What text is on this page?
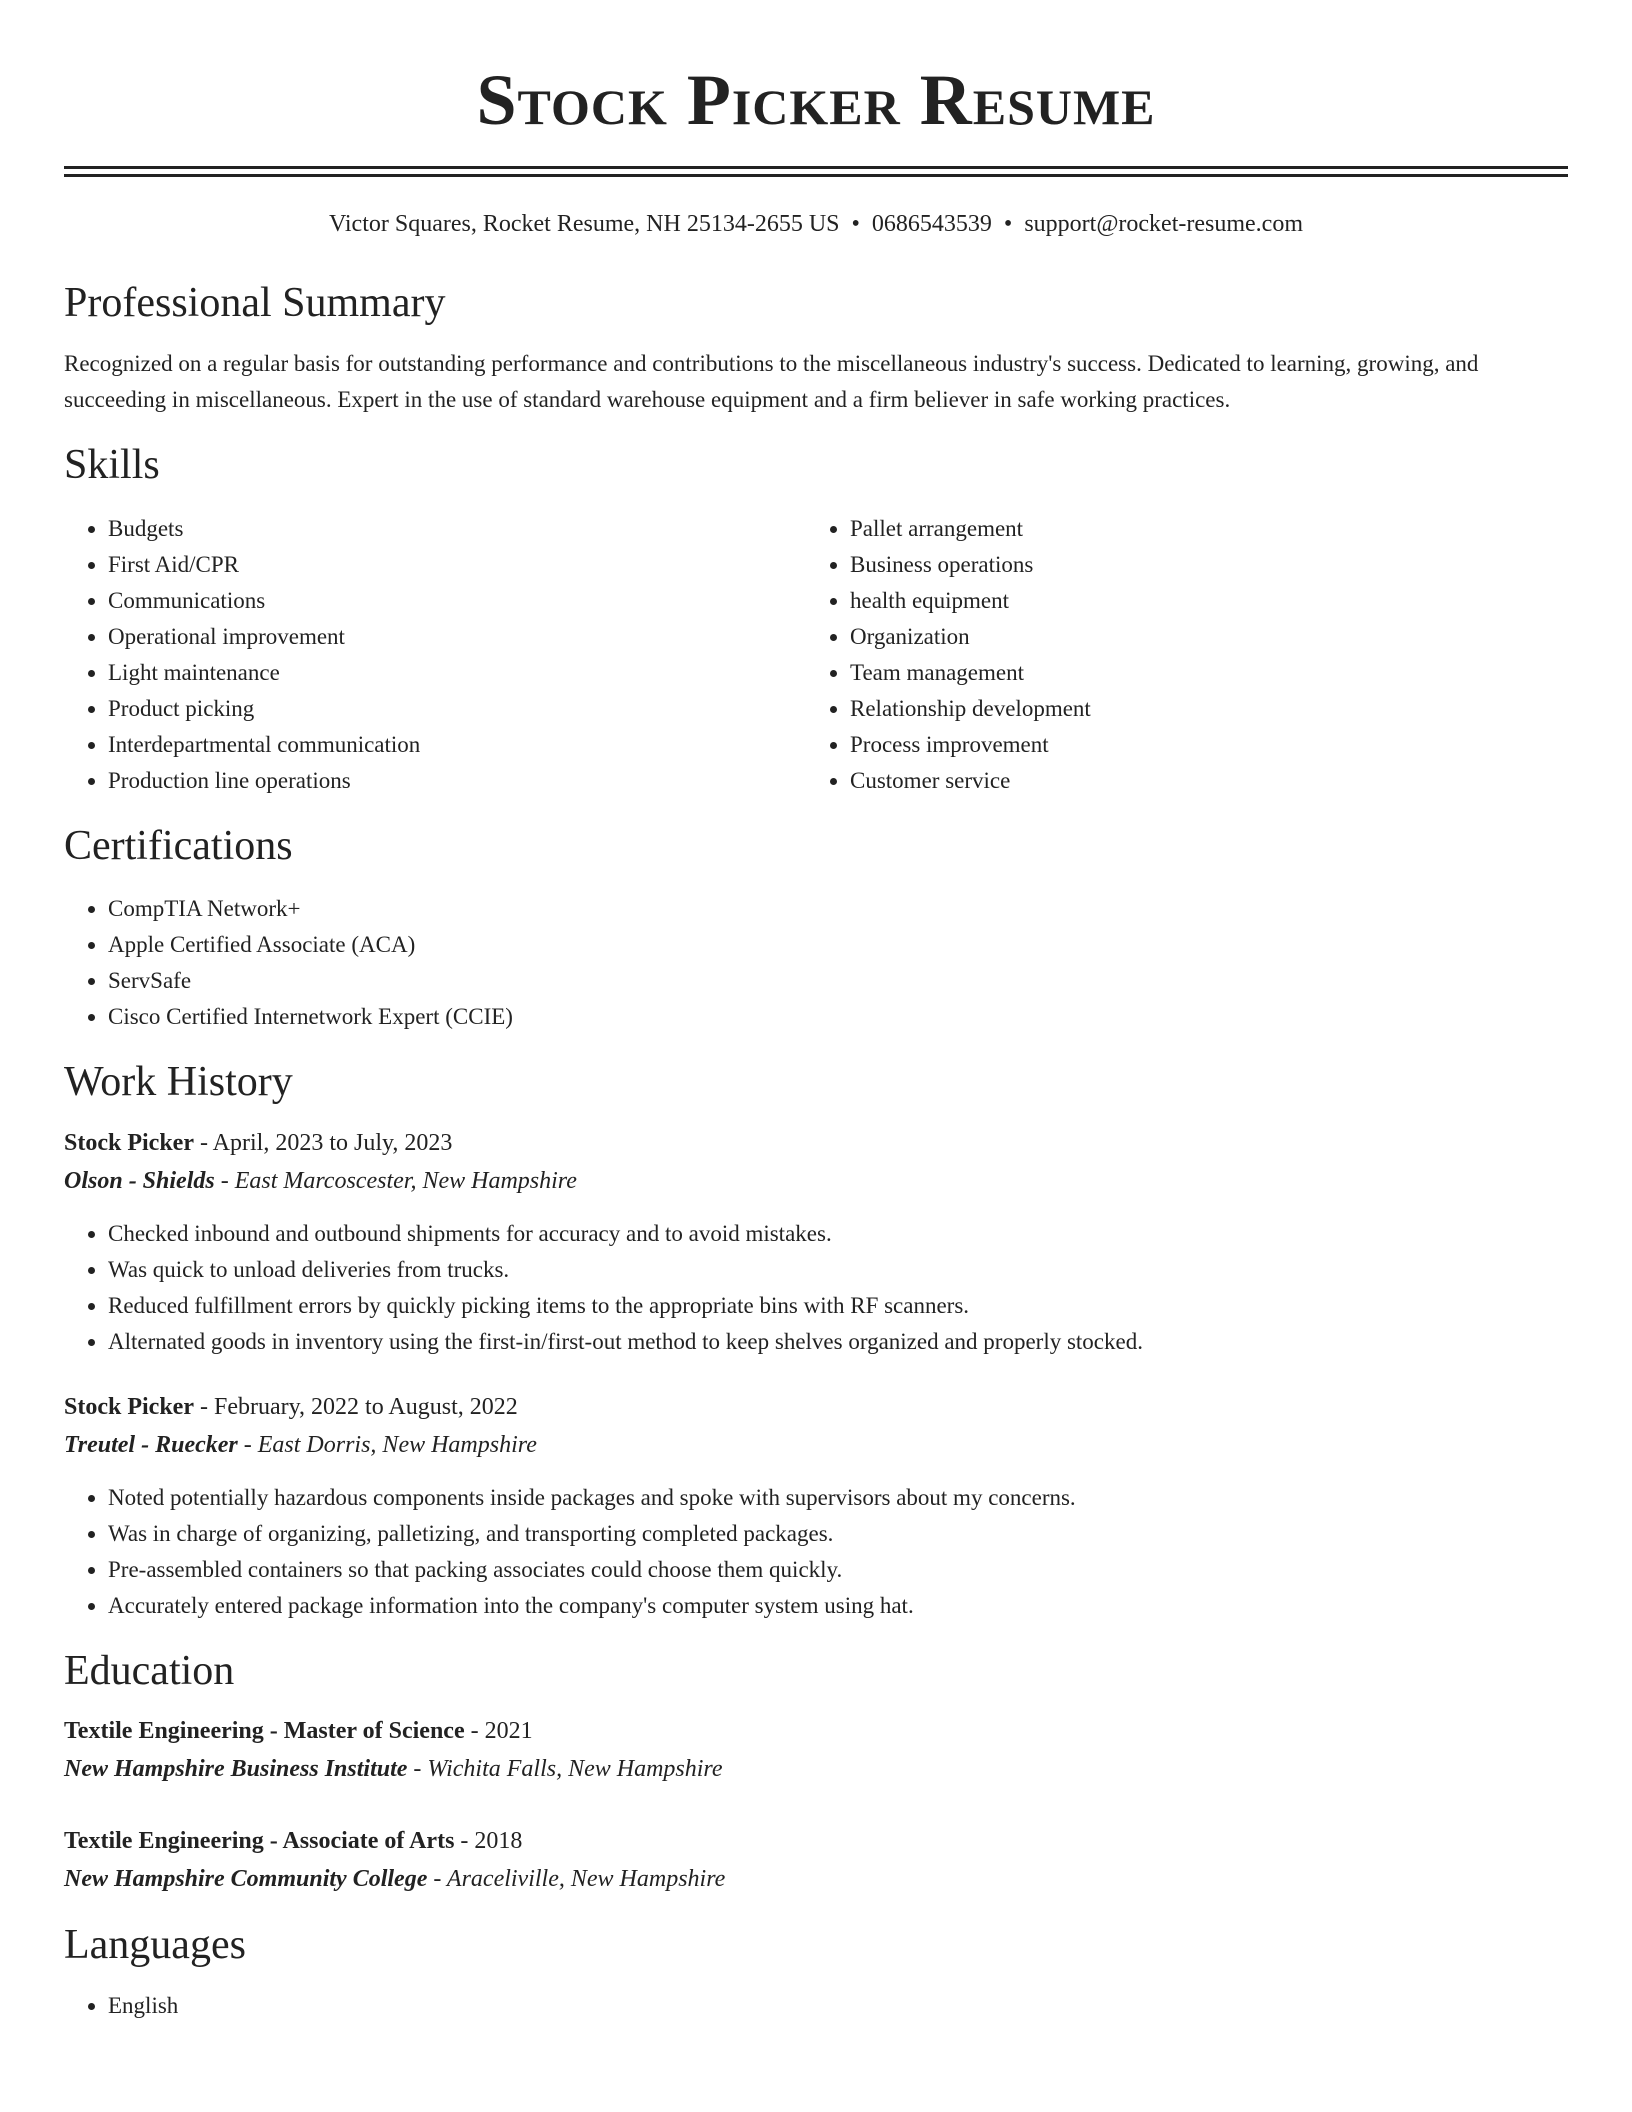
Stock Picker Resume
Victor Squares, Rocket Resume, NH 25134-2655 US • 0686543539 • support@rocket-resume.com
Professional Summary

Recognized on a regular basis for outstanding performance and contributions to the miscellaneous industry's success. Dedicated to learning, growing, and succeeding in miscellaneous. Expert in the use of standard warehouse equipment and a firm believer in safe working practices.

Skills
• Budgets
• First Aid/CPR
• Communications
• Operational improvement
• Light maintenance
• Product picking
• Interdepartmental communication
• Production line operations
• Pallet arrangement
• Business operations
• health equipment
• Organization
• Team management
• Relationship development
• Process improvement
• Customer service
Certifications
• CompTIA Network+
• Apple Certified Associate (ACA)
• ServSafe
• Cisco Certified Internetwork Expert (CCIE)
Work History
Stock Picker - April, 2023 to July, 2023
Olson - Shields - East Marcoscester, New Hampshire
• Checked inbound and outbound shipments for accuracy and to avoid mistakes.
• Was quick to unload deliveries from trucks.
• Reduced fulfillment errors by quickly picking items to the appropriate bins with RF scanners.
• Alternated goods in inventory using the first-in/first-out method to keep shelves organized and properly stocked.
Stock Picker - February, 2022 to August, 2022
Treutel - Ruecker - East Dorris, New Hampshire
• Noted potentially hazardous components inside packages and spoke with supervisors about my concerns.
• Was in charge of organizing, palletizing, and transporting completed packages.
• Pre-assembled containers so that packing associates could choose them quickly.
• Accurately entered package information into the company's computer system using hat.
Education
Textile Engineering - Master of Science - 2021
New Hampshire Business Institute - Wichita Falls, New Hampshire
Textile Engineering - Associate of Arts - 2018
New Hampshire Community College - Araceliville, New Hampshire
Languages
• English
